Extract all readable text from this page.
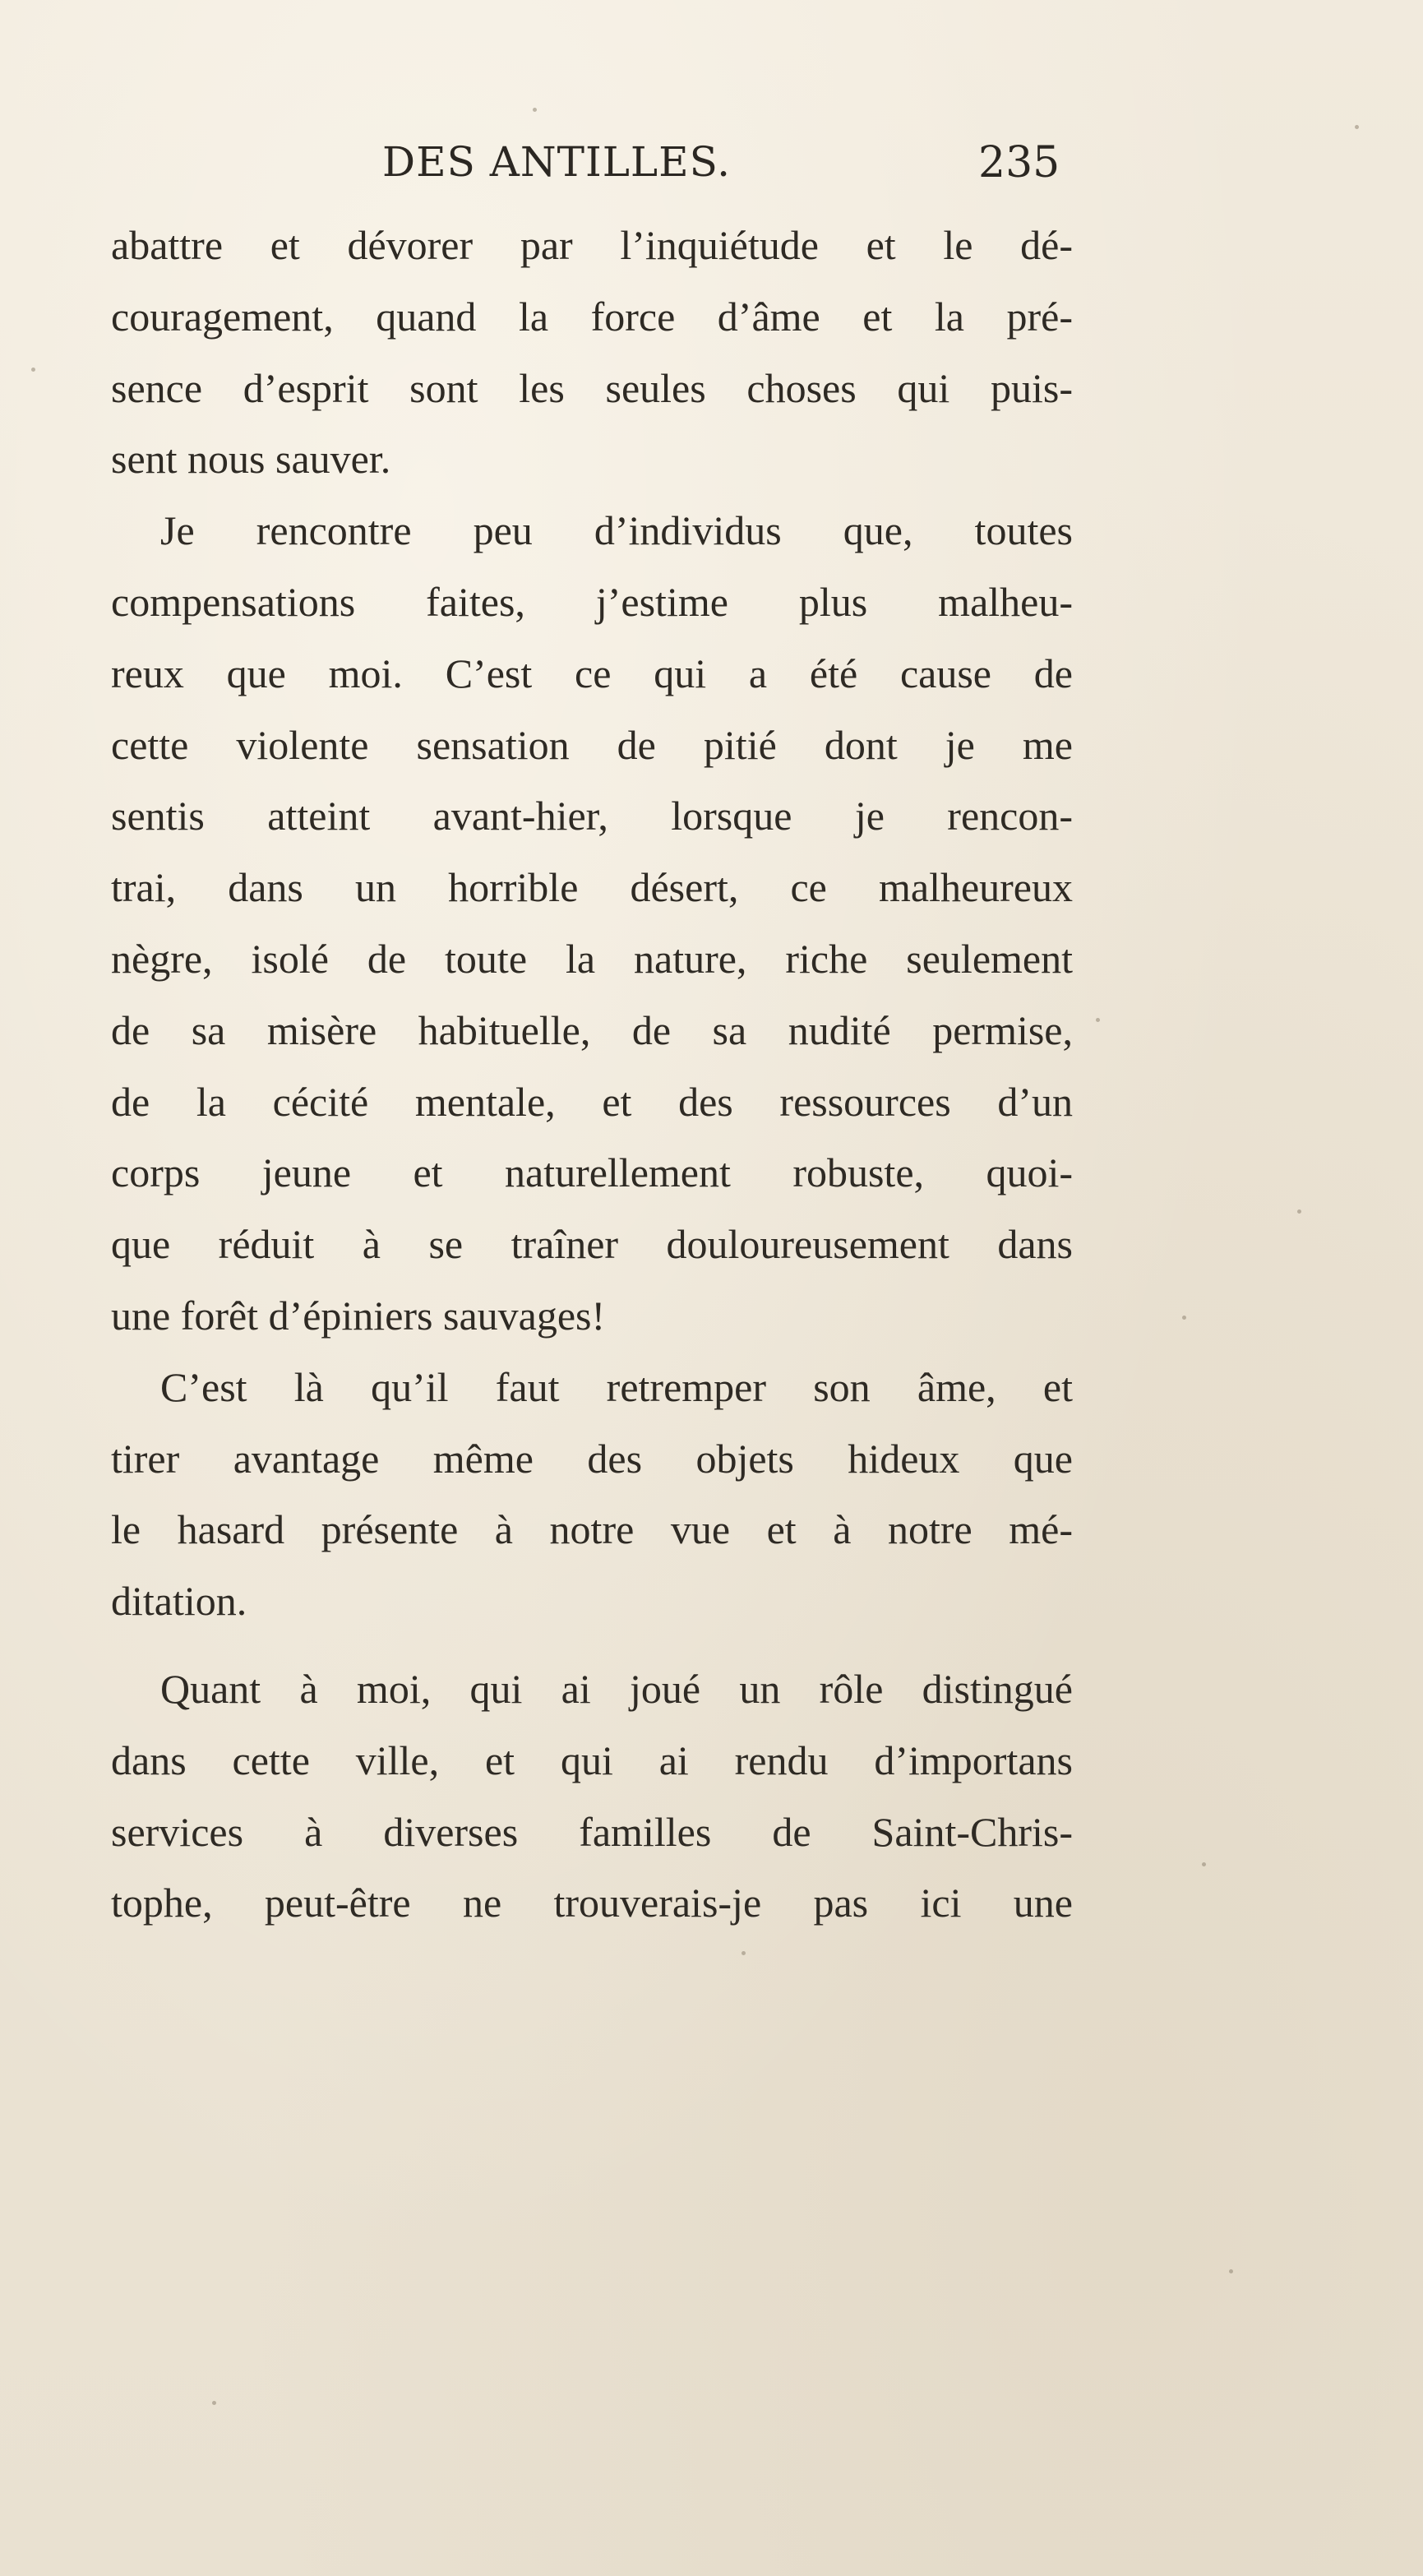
DES ANTILLES.	235

abattre et dévorer par l’inquiétude et le dé-
couragement, quand la force d’âme et la pré-
sence d’esprit sont les seules choses qui puis-
sent nous sauver.

Je rencontre peu d’individus que, toutes
compensations faites, j’estime plus malheu-
reux que moi. C’est ce qui a été cause de
cette violente sensation de pitié dont je me
sentis atteint avant-hier, lorsque je rencon-
trai, dans un horrible désert, ce malheureux
nègre, isolé de toute la nature, riche seulement
de sa misère habituelle, de sa nudité permise,
de la cécité mentale, et des ressources d’un
corps jeune et naturellement robuste, quoi-
que réduit à se traîner douloureusement dans
une forêt d’épiniers sauvages!

C’est là qu’il faut retremper son âme, et
tirer avantage même des objets hideux que
le hasard présente à notre vue et à notre mé-
ditation.

Quant à moi, qui ai joué un rôle distingué
dans cette ville, et qui ai rendu d’importans
services à diverses familles de Saint-Chris-
tophe, peut-être ne trouverais-je pas ici une
